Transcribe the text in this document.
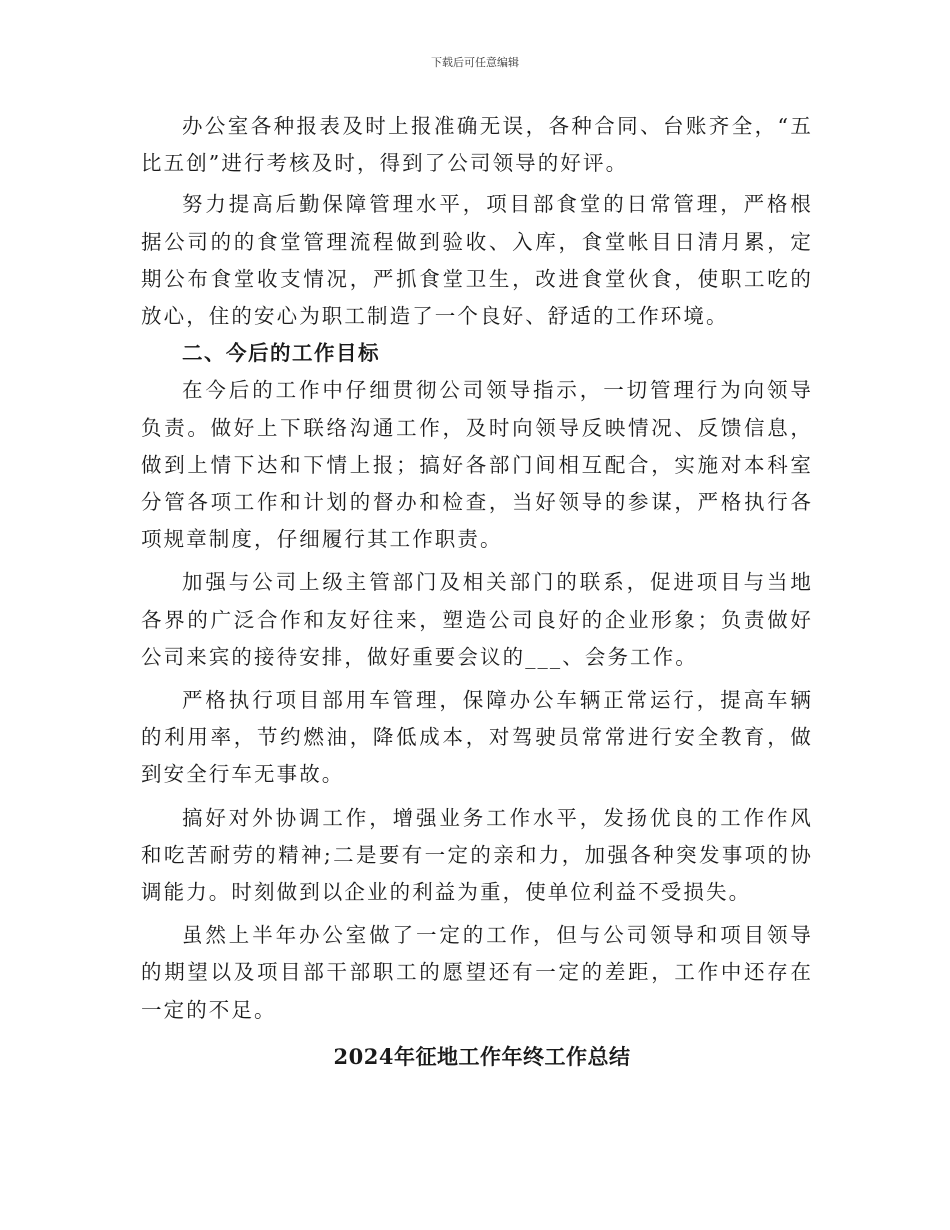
下载后可任意编辑

办公室各种报表及时上报准确无误，各种合同、台账齐全，“五比五创”进行考核及时，得到了公司领导的好评。

努力提高后勤保障管理水平，项目部食堂的日常管理，严格根据公司的的食堂管理流程做到验收、入库，食堂帐目日清月累，定期公布食堂收支情况，严抓食堂卫生，改进食堂伙食，使职工吃的放心，住的安心为职工制造了一个良好、舒适的工作环境。

二、今后的工作目标

在今后的工作中仔细贯彻公司领导指示，一切管理行为向领导负责。做好上下联络沟通工作，及时向领导反映情况、反馈信息，做到上情下达和下情上报；搞好各部门间相互配合，实施对本科室分管各项工作和计划的督办和检查，当好领导的参谋，严格执行各项规章制度，仔细履行其工作职责。

加强与公司上级主管部门及相关部门的联系，促进项目与当地各界的广泛合作和友好往来，塑造公司良好的企业形象；负责做好公司来宾的接待安排，做好重要会议的___、会务工作。

严格执行项目部用车管理，保障办公车辆正常运行，提高车辆的利用率，节约燃油，降低成本，对驾驶员常常进行安全教育，做到安全行车无事故。

搞好对外协调工作，增强业务工作水平，发扬优良的工作作风和吃苦耐劳的精神;二是要有一定的亲和力，加强各种突发事项的协调能力。时刻做到以企业的利益为重，使单位利益不受损失。

虽然上半年办公室做了一定的工作，但与公司领导和项目领导的期望以及项目部干部职工的愿望还有一定的差距，工作中还存在一定的不足。

2024年征地工作年终工作总结
